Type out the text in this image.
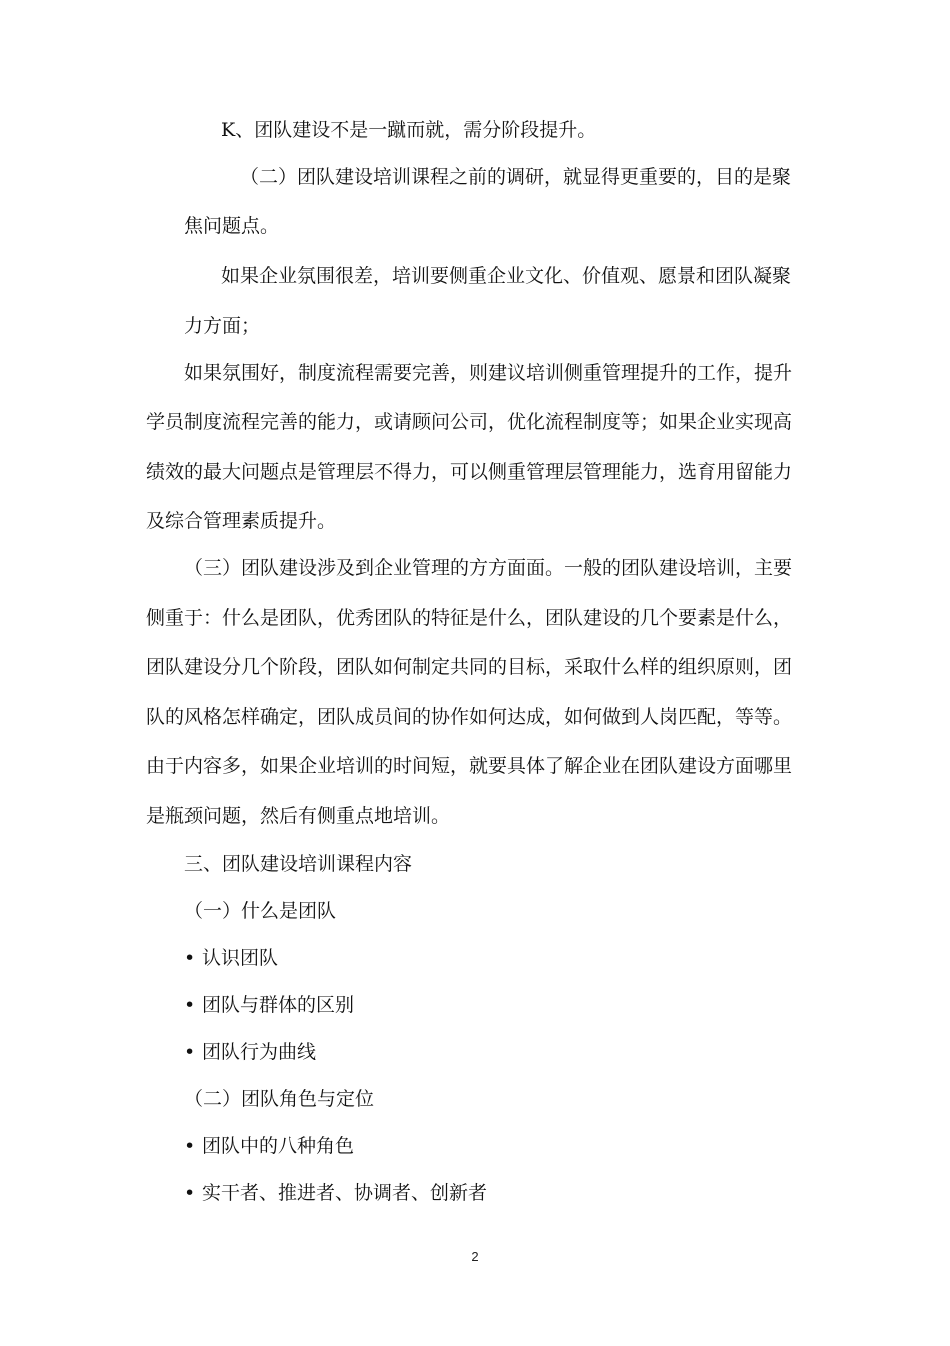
K、团队建设不是一蹴而就，需分阶段提升。

（二）团队建设培训课程之前的调研，就显得更重要的，目的是聚

焦问题点。

如果企业氛围很差，培训要侧重企业文化、价值观、愿景和团队凝聚

力方面；

如果氛围好，制度流程需要完善，则建议培训侧重管理提升的工作，提升

学员制度流程完善的能力，或请顾问公司，优化流程制度等；如果企业实现高

绩效的最大问题点是管理层不得力，可以侧重管理层管理能力，选育用留能力

及综合管理素质提升。

（三）团队建设涉及到企业管理的方方面面。一般的团队建设培训，主要

侧重于：什么是团队，优秀团队的特征是什么，团队建设的几个要素是什么，

团队建设分几个阶段，团队如何制定共同的目标，采取什么样的组织原则，团

队的风格怎样确定，团队成员间的协作如何达成，如何做到人岗匹配，等等。

由于内容多，如果企业培训的时间短，就要具体了解企业在团队建设方面哪里

是瓶颈问题，然后有侧重点地培训。

三、团队建设培训课程内容

（一）什么是团队

• 认识团队

• 团队与群体的区别

• 团队行为曲线

（二）团队角色与定位

• 团队中的八种角色

• 实干者、推进者、协调者、创新者

2
